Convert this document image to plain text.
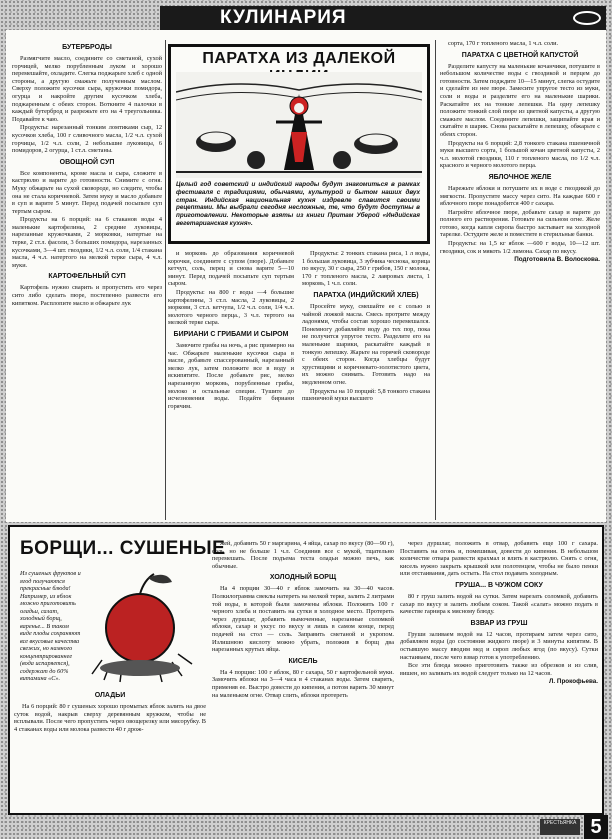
КУЛИНАРИЯ
БУТЕРБРОДЫ

Размягчите масло, соедините со сметаной, сухой горчицей, мелко порубленным луком и хорошо перемешайте, охладите. Слегка поджарьте хлеб с одной стороны, а другую смажьте полученным маслом. Сверху положите кусочки сыра, кружочки помидора, огурца и накройте другим кусочком хлеба, поджаренным с обеих сторон. Воткните 4 палочки в каждый бутерброд и разрежьте его на 4 треугольника. Подавайте к чаю.

Продукты: нарезанный тонким ломтиками сыр, 12 кусочков хлеба, 100 г сливочного масла, 1/2 ч.л. сухой горчицы, 1/2 ч.л. соли, 2 небольшие луковицы, 6 помидоров, 2 огурца, 1 ст.л. сметаны.

ОВОЩНОЙ СУП

Все компоненты, кроме масла и сыра, сложите в кастрюлю и варите до готовности. Снимите с огня. Муку обжарьте на сухой сковороде, но следите, чтобы она не стала коричневой. Затем муку и масло добавьте в суп и варите 5 минут. Перед подачей посыпьте суп тертым сыром.

Продукты на 6 порций: на 6 стаканов воды 4 маленькие картофелины, 2 средние луковицы, нарезанные кружочками, 2 морковки, натертые на терке, 2 ст.л. фасоли, 3 больших помидора, нарезанных кусочками, 3—4 шт. гвоздики, 1/2 ч.л. соли, 1/4 стакана масла, 4 ч.л. натертого на мелкой терке сыра, 4 ч.л. муки.

КАРТОФЕЛЬНЫЙ СУП

Картофель нужно сварить и пропустить его через сито либо сделать пюре, постепенно развести его кипятком. Расплопите масло и обжарьте лук

ПАРАТХА ИЗ ДАЛЕКОЙ
Целый год советский и индийский народы будут знакомиться в рамках фестиваля с традициями, обычаями, культурой и бытом наших двух стран. Индийская национальная кухня издревле славится своими рецептами. Мы выбрали сегодня несложные, те, что будут доступны в приготовлении. Некоторые взяты из книги Притам Уберой «Индийская вегетарианская кухня».

и морковь до образования коричневой корочки, соедините с супом (пюре). Добавьте кетчуп, соль, перец и снова варите 5—10 минут. Перед подачей посыпьте суп тертым сыром.

Продукты: на 800 г воды —4 большие картофелины, 3 ст.л. масла, 2 луковицы, 2 моркови, 3 ст.л. кетчупа, 1/2 ч.л. соли, 1/4 ч.л. молотого черного перца., 3 ч.л. тертого на мелкой терке сыра.

БИРИАНИ С ГРИБАМИ И СЫРОМ

Замочите грибы на ночь, а рис примерно на час. Обжарьте маленькие кусочки сыра в масле, добавьте спассерованный, нарезанный мелко лук, затем положите все в воду и вскипятите. После добавьте рис, мелко нарезанную морковь, порубленные грибы, молоко и остальные специи. Тушите до исчезновения воды. Подайте бириани горячим.

Продукты: 2 тонких стакана риса, 1 л воды, 1 большая луковица, 3 зубчика чеснока, корица по вкусу, 30 г сыра, 250 г грибов, 150 г молока, 170 г топленого масла, 2 лавровых листа, 1 морковь, 1 ч.л. соли.

ПАРАТХА (ИНДИЙСКИЙ ХЛЕБ)

Просейте муку, смешайте ее с солью и чайной ложкой масла. Смесь протрите между ладонями, чтобы состав хорошо перемешался. Понемногу добавляйте воду до тех пор, пока не получится упругое тесто. Разделите его на маленькие шарики, раскатайте каждый в тонкую лепешку. Жарьте на горячей сковороде с обеих сторон. Когда хлебцы будут хрустящими и коричневато-золотистого цвета, их можно снимать. Готовить надо на медленном огне.

Продукты на 10 порций: 5,8 тонкого стакана пшеничной муки высшего

сорта, 170 г топленого масла, 1 ч.л. соли.

ПАРАТХА С ЦВЕТНОЙ КАПУСТОЙ

Разделите капусту на маленькие кочанчики, потушите в небольшом количестве воды с гвоздикой и перцем до готовности. Затем подждите 10—15 минут, слегка остудите и сделайте из нее пюре. Замесите упругое тесто из муки, соли и воды и разделите его на маленькие шарики. Раскатайте их на тонкие лепешки. На одну лепешку положите тонкий слой пюре из цветной капусты, а другую смажьте маслом. Соедините лепешки, защипайте края и скатайте в шарик. Снова раскатайте в лепешку, обжарьте с обеих сторон.

Продукты на 6 порций: 2,8 тонкого стакана пшеничной муки высшего сорта, 1 большой кочан цветной капусты, 2 ч.л. молотой гвоздики, 110 г топленого масла, по 1/2 ч.л. красного и черного молотого перца.

ЯБЛОЧНОЕ ЖЕЛЕ

Нарежьте яблоки и потушите их в воде с гвоздикой до мягкости. Пропустите массу через сито. На каждые 600 г яблочного пюре понадобится 400 г сахара.

Нагрейте яблочное пюре, добавьте сахар и варите до полного его растворения. Готовьте на сильном огне. Желе готово, когда капля сиропа быстро застывает на холодной тарелке. Остудите желе и поместите в стерильные банки.

Продукты: на 1,5 кг яблок —600 г воды, 10—12 шт. гвоздики, сок и мякоть 1/2 лимона. Сахар по вкусу.

Подготовила В. Волоскова.

БОРЩИ... СУШЕНЫЕ
Из сушеных фруктов и ягод получаются прекрасные блюда! Например, из яблок можно приготовить оладьи, салат, холодный борщ, варенье... В таком виде плоды сохраняют все вкусовые качества свежих, но намного концентрированнее (вода испаряется), содержат до 60% витамина «С».
ОЛАДЬИ

На 6 порций: 80 г сушеных хорошо промытых яблок залить на двое суток водой, накрыв сверху деревянным кружком, чтобы не всплывали. После чего пропустить через овощерезку или мясорубку. В 4 стаканах воды или молока развести 40 г дрож-

жей, добавить 50 г маргарина, 4 яйца, сахар по вкусу (80—90 г), соль, но не больше 1 ч.л. Соединив все с мукой, тщательно перемешать. После подъема теста оладьи можно печь, как обычные.

ХОЛОДНЫЙ БОРЩ

На 4 порции 30—40 г яблок замочить на 30—40 часов. Полкилограмма свеклы натереть на мелкой терке, залить 2 литрами той воды, в которой были замочены яблоки. Положить 100 г черного хлеба и поставить на сутки в холодное место. Протереть через дуршлаг, добавить вымоченные, нарезанные соломкой яблоки, сахар и уксус по вкусу и лишь в самом конце, перед подачей на стол — соль. Заправить сметаной и укропом. Излишнюю кислоту можно убрать, положив в борщ два нарезанных крутых яйца.

КИСЕЛЬ

На 4 порции: 100 г яблок, 80 г сахара, 50 г картофельной муки. Замочить яблоки на 3—4 часа в 4 стаканах воды. Затем сварить, применяв ее. Выстро довести до кипения, а потом варить 30 минут на маленьком огне. Отвар слить, яблоки протереть

через дуршлаг, положить в отвар, добавить еще 100 г сахара. Поставить на огонь и, помешивая, довести до кипения. В небольшом количестве отвара развести крахмал и влить в кастрюлю. Снять с огня, кисель нужно закрыть крышкой или полотенцем, чтобы не было пенки или отстаивания, дать остыть. На стол подавать холодным.

ГРУША... В ЧУЖОМ СОКУ

80 г груш залить водой на сутки. Затем нарезать соломкой, добавить сахар по вкусу и залить любым соком. Такой «салат» можно подать в качестве гарнира к мясному блюду.

ВЗВАР ИЗ ГРУШ

Груши заливаем водой на 12 часов, протираем затем через сито, добавляем воды (до состояния жидкого пюре) и 3 минуты кипятим. В остывшую массу вводим мед и сироп любых ягод (по вкусу). Сутки настаиваем, после чего взвар готов к употреблению.

Все эти блюда можно приготовить также из обрезков и из слив, вишен, но заливать их водой следует только на 12 часов.

Л. Прокофьева.

КРЕСТЬЯНКА 5
